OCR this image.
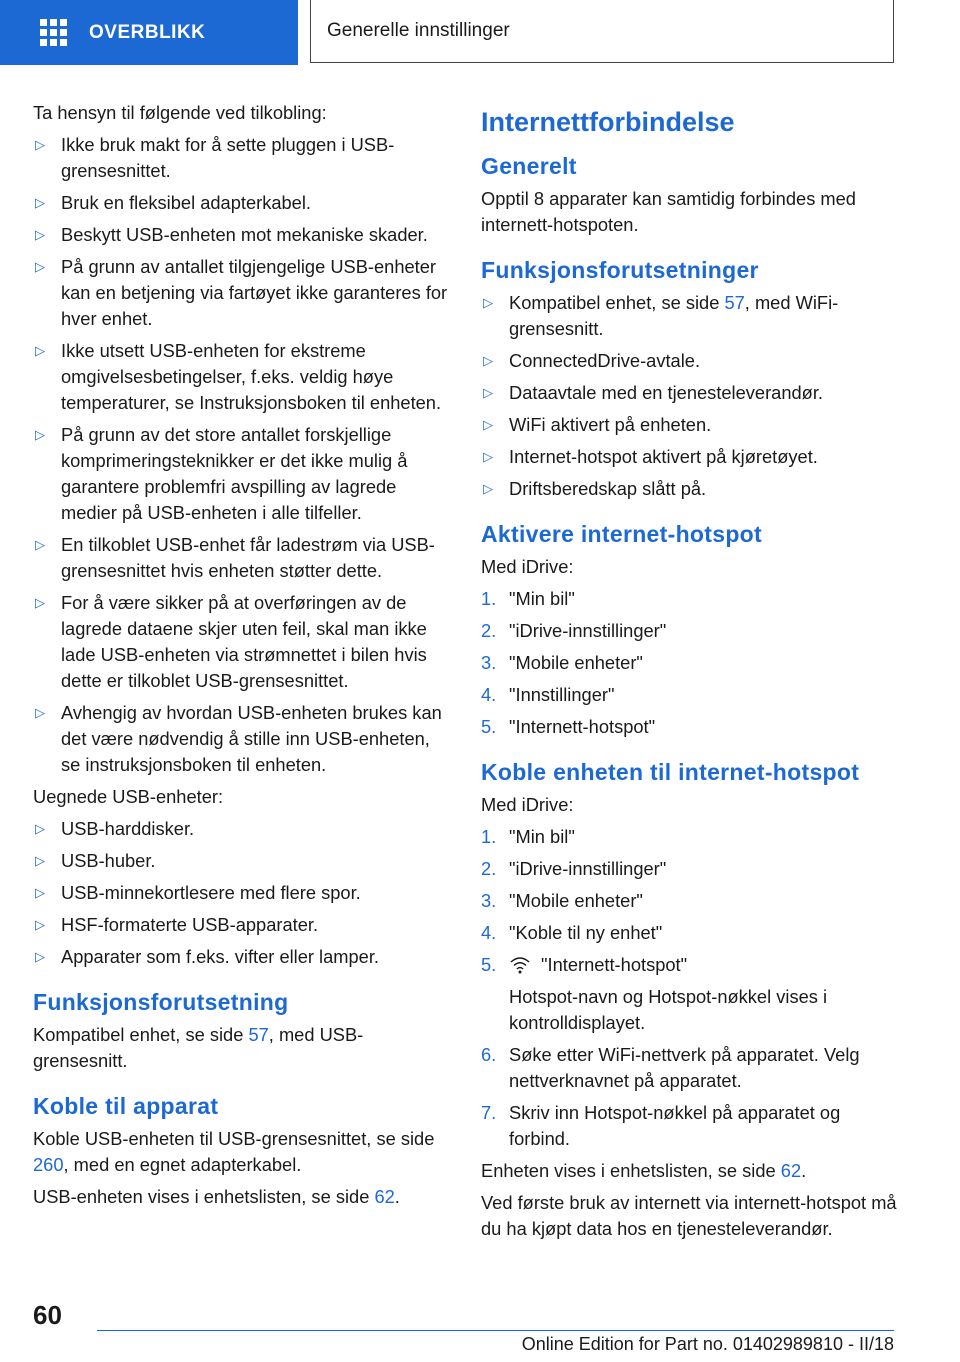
OVERBLIKK	Generelle innstillinger

Ta hensyn til følgende ved tilkobling:

▷ Ikke bruk makt for å sette pluggen i USB-grensesnittet.
▷ Bruk en fleksibel adapterkabel.
▷ Beskytt USB-enheten mot mekaniske skader.
▷ På grunn av antallet tilgjengelige USB-enheter kan en betjening via fartøyet ikke garanteres for hver enhet.
▷ Ikke utsett USB-enheten for ekstreme omgivelsesbetingelser, f.eks. veldig høye temperaturer, se Instruksjonsboken til enheten.
▷ På grunn av det store antallet forskjellige komprimeringsteknikker er det ikke mulig å garantere problemfri avspilling av lagrede medier på USB-enheten i alle tilfeller.
▷ En tilkoblet USB-enhet får ladestrøm via USB-grensesnittet hvis enheten støtter dette.
▷ For å være sikker på at overføringen av de lagrede dataene skjer uten feil, skal man ikke lade USB-enheten via strømnettet i bilen hvis dette er tilkoblet USB-grensesnittet.
▷ Avhengig av hvordan USB-enheten brukes kan det være nødvendig å stille inn USB-enheten, se instruksjonsboken til enheten.

Uegnede USB-enheter:

▷ USB-harddisker.
▷ USB-huber.
▷ USB-minnekortlesere med flere spor.
▷ HSF-formaterte USB-apparater.
▷ Apparater som f.eks. vifter eller lamper.
Funksjonsforutsetning

Kompatibel enhet, se side 57, med USB-grensesnitt.

Koble til apparat

Koble USB-enheten til USB-grensesnittet, se side 260, med en egnet adapterkabel.

USB-enheten vises i enhetslisten, se side 62.

Internettforbindelse
Generelt

Opptil 8 apparater kan samtidig forbindes med internett-hotspoten.

Funksjonsforutsetninger
▷ Kompatibel enhet, se side 57, med WiFi-grensesnitt.
▷ ConnectedDrive-avtale.
▷ Dataavtale med en tjenesteleverandør.
▷ WiFi aktivert på enheten.
▷ Internet-hotspot aktivert på kjøretøyet.
▷ Driftsberedskap slått på.
Aktivere internet-hotspot

Med iDrive:

1. "Min bil"
2. "iDrive-innstillinger"
3. "Mobile enheter"
4. "Innstillinger"
5. "Internett-hotspot"
Koble enheten til internet-hotspot

Med iDrive:

1. "Min bil"
2. "iDrive-innstillinger"
3. "Mobile enheter"
4. "Koble til ny enhet"
5. "Internett-hotspot"
Hotspot-navn og Hotspot-nøkkel vises i kontrolldisplayet.
6. Søke etter WiFi-nettverk på apparatet. Velg nettverknavnet på apparatet.
7. Skriv inn Hotspot-nøkkel på apparatet og forbind.

Enheten vises i enhetslisten, se side 62.

Ved første bruk av internett via internett-hotspot må du ha kjøpt data hos en tjenesteleverandør.

60
Online Edition for Part no. 01402989810 - II/18
